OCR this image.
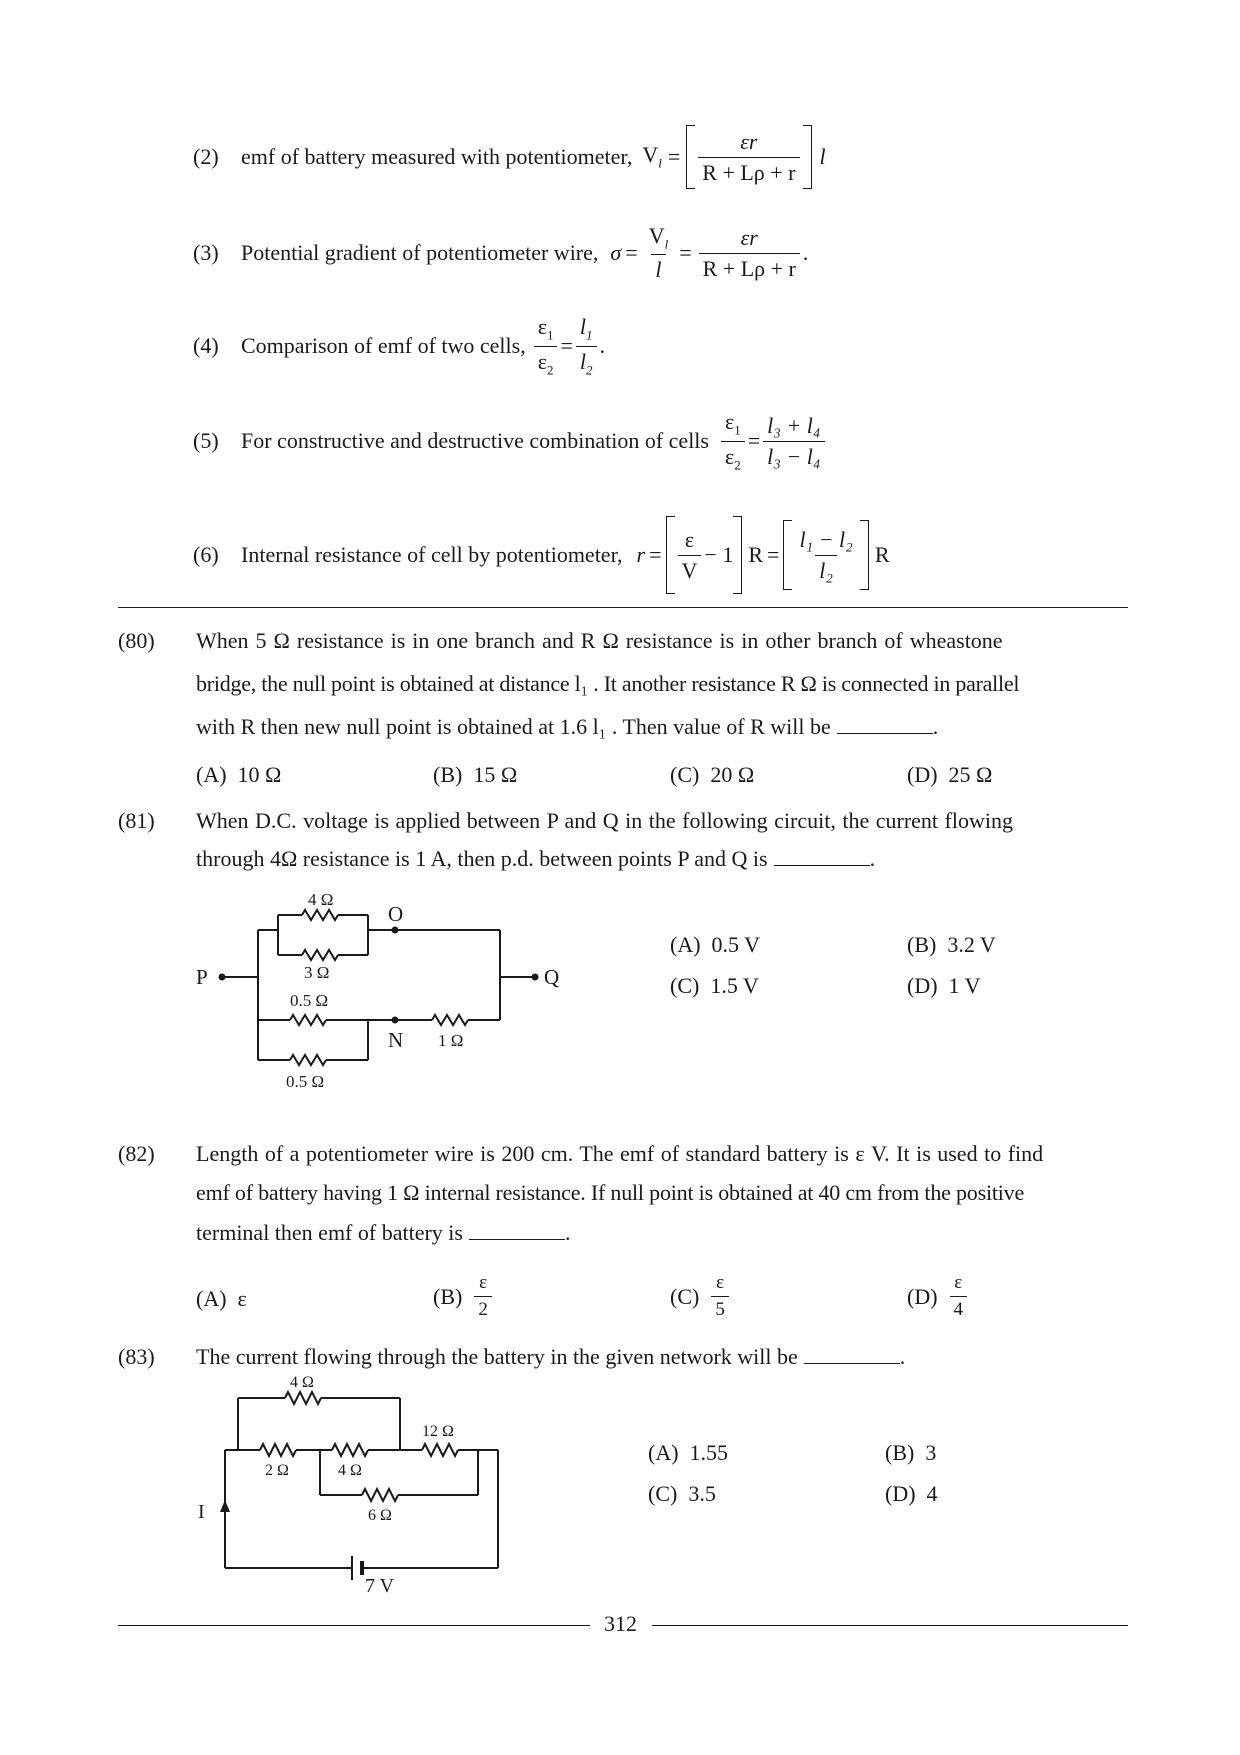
(2)	emf of battery measured with potentiometer, $V_l = \frac{\varepsilon r}{R + L\rho + r}$ l
(3)	Potential gradient of potentiometer wire, $\sigma = \frac{V_l}{l} = \frac{\varepsilon r}{R + L\rho + r}$ .
(4)	Comparison of emf of two cells, $\frac{\varepsilon_1}{\varepsilon_2} = \frac{l_1}{l_2}$ .
(5)	For constructive and destructive combination of cells $\frac{\varepsilon_1}{\varepsilon_2} = \frac{\text{l₃ + l₄}}{\text{l₃ − l₄}}$
(6)	Internal resistance of cell by potentiometer, $r = \frac{\varepsilon}{V} - 1$ $R = \frac{\text{l₁ − l₂}}{\text{l₂}}$ R
(80) When 5 Ω resistance is in one branch and R Ω resistance is in other branch of wheastone
bridge, the null point is obtained at distance l₁ . It another resistance R Ω is connected in parallel
with R then new null point is obtained at 1.6 l₁ . Then value of R will be	.
(A) 10 Ω	(B) 15 Ω	(C) 20 Ω	(D) 25 Ω
(81) When D.C. voltage is applied between P and Q in the following circuit, the current flowing
through 4Ω resistance is 1 A, then p.d. between points P and Q is	.
4 Ω
3 Ω
0.5 Ω
0.5 Ω
1 Ω
P	Q
O
N
(A) 0.5 V	(B) 3.2 V
(C) 1.5 V	(D) 1 V
(82) Length of a potentiometer wire is 200 cm. The emf of standard battery is ε V. It is used to find
emf of battery having 1 Ω internal resistance. If null point is obtained at 40 cm from the positive
terminal then emf of battery is	.
(A) ε	$(B) \frac{\varepsilon}{2}$	$(C) \frac{\varepsilon}{5}$	$(D) \frac{\varepsilon}{4}$
(83) The current flowing through the battery in the given network will be	.
4 Ω
2 Ω	4 Ω
12 Ω
6 Ω
7 V
I
(A) 1.55	(B) 3
(C) 3.5	(D) 4
312
